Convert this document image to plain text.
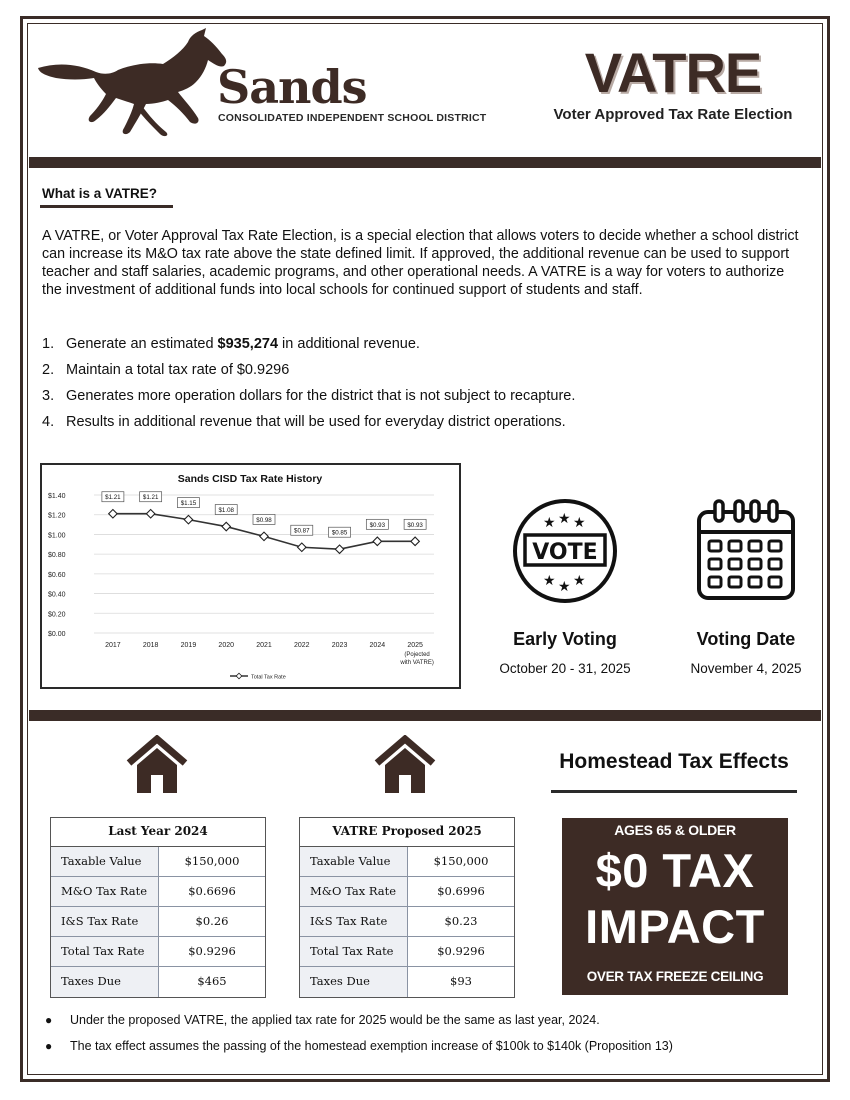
Sands
CONSOLIDATED INDEPENDENT SCHOOL DISTRICT
VATRE
Voter Approved Tax Rate Election
What is a VATRE?

A VATRE, or Voter Approval Tax Rate Election, is a special election that allows voters to decide whether a school district can increase its M&O tax rate above the state defined limit. If approved, the additional revenue can be used to support teacher and staff salaries, academic programs, and other operational needs. A VATRE is a way for voters to authorize the investment of additional funds into local schools for continued support of students and staff.

1. Generate an estimated $935,274 in additional revenue.
2. Maintain a total tax rate of $0.9296
3. Generates more operation dollars for the district that is not subject to recapture.
4. Results in additional revenue that will be used for everyday district operations.
Sands CISD Tax Rate History
$0.00
$0.20
$0.40
$0.60
$0.80
$1.00
$1.20
$1.40
2017	2018	2019	2020	2021	2022	2023	2024	2025
(Pojected
with VATRE)
$1.21	$1.21
$1.15
$1.08
$0.98
$0.87	$0.85
$0.93	$0.93
Total Tax Rate
★ ★ ★
VOTE
★ ★ ★
Early Voting	Voting Date
October 20 - 31, 2025	November 4, 2025
Homestead Tax Effects
Last Year 2024
Taxable Value	$150,000
M&O Tax Rate	$0.6696
I&S Tax Rate	$0.26
Total Tax Rate	$0.9296
Taxes Due	$465
VATRE Proposed 2025
Taxable Value	$150,000
M&O Tax Rate	$0.6996
I&S Tax Rate	$0.23
Total Tax Rate	$0.9296
Taxes Due	$93
AGES 65 & OLDER
$0 TAX
IMPACT
OVER TAX FREEZE CEILING
●	Under the proposed VATRE, the applied tax rate for 2025 would be the same as last year, 2024.
●	The tax effect assumes the passing of the homestead exemption increase of $100k to $140k (Proposition 13)
